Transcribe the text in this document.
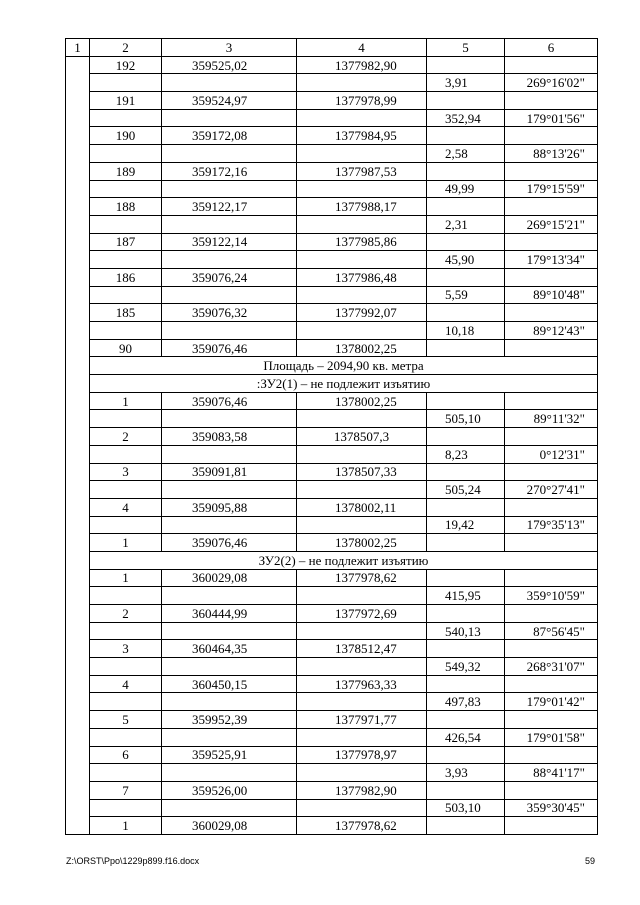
1	2	3	4	5	6
	192	359525,02	1377982,90		
				3,91	269°16'02"
	191	359524,97	1377978,99		
				352,94	179°01'56"
	190	359172,08	1377984,95		
				2,58	88°13'26"
	189	359172,16	1377987,53		
				49,99	179°15'59"
	188	359122,17	1377988,17		
				2,31	269°15'21"
	187	359122,14	1377985,86		
				45,90	179°13'34"
	186	359076,24	1377986,48		
				5,59	89°10'48"
	185	359076,32	1377992,07		
				10,18	89°12'43"
	90	359076,46	1378002,25		
	Площадь – 2094,90 кв. метра				
	:ЗУ2(1) – не подлежит изъятию				
	1	359076,46	1378002,25		
				505,10	89°11'32"
	2	359083,58	1378507,3		
				8,23	0°12'31"
	3	359091,81	1378507,33		
				505,24	270°27'41"
	4	359095,88	1378002,11		
				19,42	179°35'13"
	1	359076,46	1378002,25		
	ЗУ2(2) – не подлежит изъятию				
	1	360029,08	1377978,62		
				415,95	359°10'59"
	2	360444,99	1377972,69		
				540,13	87°56'45"
	3	360464,35	1378512,47		
				549,32	268°31'07"
	4	360450,15	1377963,33		
				497,83	179°01'42"
	5	359952,39	1377971,77		
				426,54	179°01'58"
	6	359525,91	1377978,97		
				3,93	88°41'17"
	7	359526,00	1377982,90		
				503,10	359°30'45"
	1	360029,08	1377978,62		
Z:\ORST\Ppo\1229p899.f16.docx	59
